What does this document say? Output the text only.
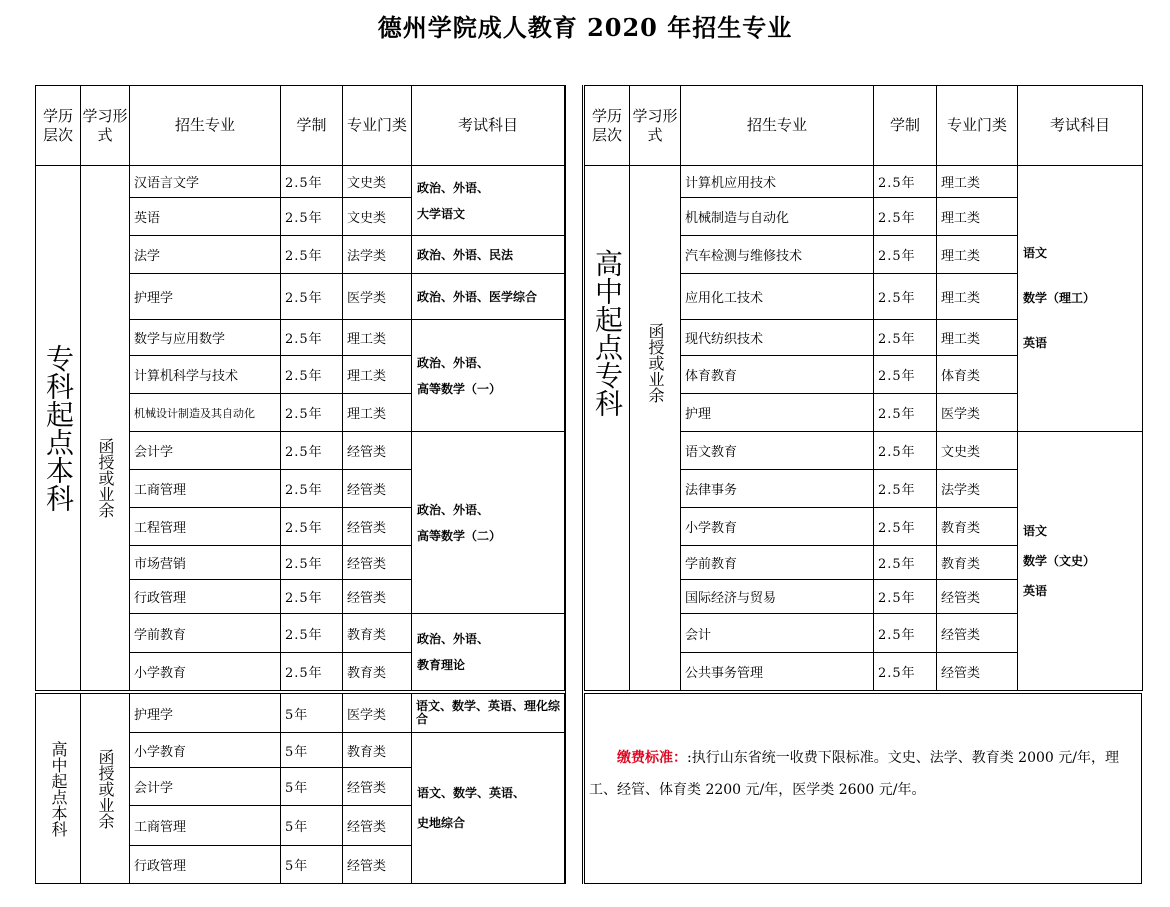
德州学院成人教育 2020 年招生专业
学历层次	学习形式	招生专业	学制	专业门类	考试科目
专科起点本科	函授或业余	汉语言文学	2.5年	文史类	政治、外语、
大学语文
		英语	2.5年	文史类	
		法学	2.5年	法学类	政治、外语、民法
		护理学	2.5年	医学类	政治、外语、医学综合
		数学与应用数学	2.5年	理工类	政治、外语、
高等数学（一）
		计算机科学与技术	2.5年	理工类	
		机械设计制造及其自动化	2.5年	理工类	
		会计学	2.5年	经管类	政治、外语、
高等数学（二）
		工商管理	2.5年	经管类	
		工程管理	2.5年	经管类	
		市场营销	2.5年	经管类	
		行政管理	2.5年	经管类	
		学前教育	2.5年	教育类	政治、外语、
教育理论
		小学教育	2.5年	教育类	
学历层次	学习形式	招生专业	学制	专业门类	考试科目
高中起点专科	函授或业余	计算机应用技术	2.5年	理工类	语文
数学（理工）
英语
		机械制造与自动化	2.5年	理工类	
		汽车检测与维修技术	2.5年	理工类	
		应用化工技术	2.5年	理工类	
		现代纺织技术	2.5年	理工类	
		体育教育	2.5年	体育类	
		护理	2.5年	医学类	
		语文教育	2.5年	文史类	语文
数学（文史）
英语
		法律事务	2.5年	法学类	
		小学教育	2.5年	教育类	
		学前教育	2.5年	教育类	
		国际经济与贸易	2.5年	经管类	
		会计	2.5年	经管类	
		公共事务管理	2.5年	经管类	
高中起点本科	函授或业余	护理学	5年	医学类	语文、数学、英语、理化综合
		小学教育	5年	教育类	语文、数学、英语、
史地综合
		会计学	5年	经管类	
		工商管理	5年	经管类	
		行政管理	5年	经管类	
缴费标准：:执行山东省统一收费下限标准。文史、法学、教育类 2000 元/年，理工、经管、体育类 2200 元/年，医学类 2600 元/年。
